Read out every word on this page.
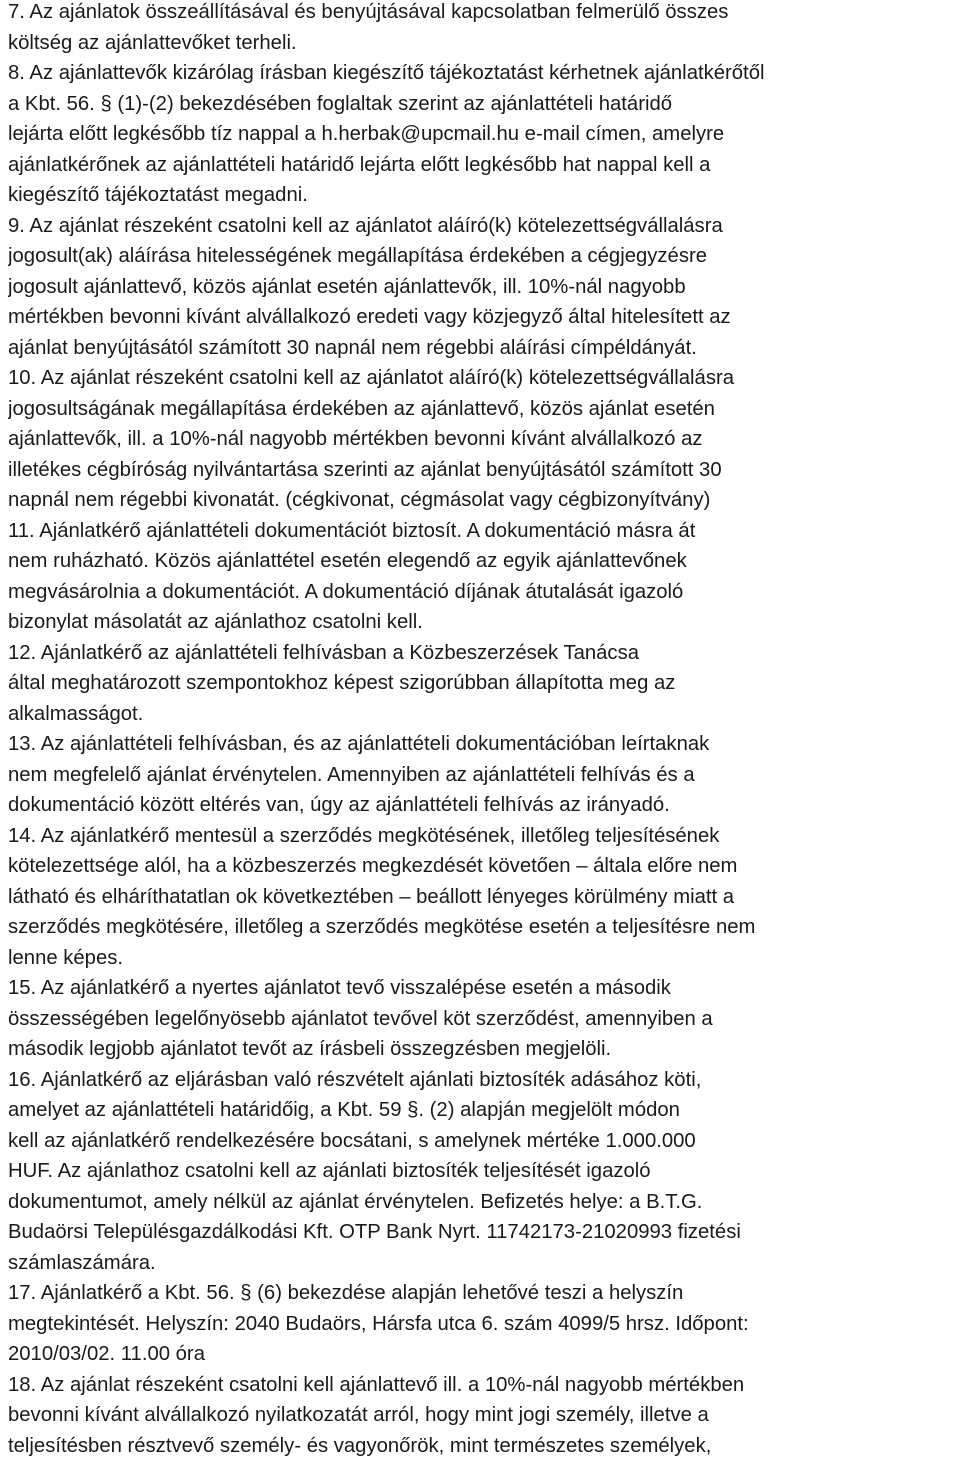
7. Az ajánlatok összeállításával és benyújtásával kapcsolatban felmerülő összes
költség az ajánlattevőket terheli.
8. Az ajánlattevők kizárólag írásban kiegészítő tájékoztatást kérhetnek ajánlatkérőtől
a Kbt. 56. § (1)-(2) bekezdésében foglaltak szerint az ajánlattételi határidő
lejárta előtt legkésőbb tíz nappal a h.herbak@upcmail.hu e-mail címen, amelyre
ajánlatkérőnek az ajánlattételi határidő lejárta előtt legkésőbb hat nappal kell a
kiegészítő tájékoztatást megadni.
9. Az ajánlat részeként csatolni kell az ajánlatot aláíró(k) kötelezettségvállalásra
jogosult(ak) aláírása hitelességének megállapítása érdekében a cégjegyzésre
jogosult ajánlattevő, közös ajánlat esetén ajánlattevők, ill. 10%-nál nagyobb
mértékben bevonni kívánt alvállalkozó eredeti vagy közjegyző által hitelesített az
ajánlat benyújtásától számított 30 napnál nem régebbi aláírási címpéldányát.
10. Az ajánlat részeként csatolni kell az ajánlatot aláíró(k) kötelezettségvállalásra
jogosultságának megállapítása érdekében az ajánlattevő, közös ajánlat esetén
ajánlattevők, ill. a 10%-nál nagyobb mértékben bevonni kívánt alvállalkozó az
illetékes cégbíróság nyilvántartása szerinti az ajánlat benyújtásától számított 30
napnál nem régebbi kivonatát. (cégkivonat, cégmásolat vagy cégbizonyítvány)
11. Ajánlatkérő ajánlattételi dokumentációt biztosít. A dokumentáció másra át
nem ruházható. Közös ajánlattétel esetén elegendő az egyik ajánlattevőnek
megvásárolnia a dokumentációt. A dokumentáció díjának átutalását igazoló
bizonylat másolatát az ajánlathoz csatolni kell.
12. Ajánlatkérő az ajánlattételi felhívásban a Közbeszerzések Tanácsa
által meghatározott szempontokhoz képest szigorúbban állapította meg az
alkalmasságot.
13. Az ajánlattételi felhívásban, és az ajánlattételi dokumentációban leírtaknak
nem megfelelő ajánlat érvénytelen. Amennyiben az ajánlattételi felhívás és a
dokumentáció között eltérés van, úgy az ajánlattételi felhívás az irányadó.
14. Az ajánlatkérő mentesül a szerződés megkötésének, illetőleg teljesítésének
kötelezettsége alól, ha a közbeszerzés megkezdését követően – általa előre nem
látható és elháríthatatlan ok következtében – beállott lényeges körülmény miatt a
szerződés megkötésére, illetőleg a szerződés megkötése esetén a teljesítésre nem
lenne képes.
15. Az ajánlatkérő a nyertes ajánlatot tevő visszalépése esetén a második
összességében legelőnyösebb ajánlatot tevővel köt szerződést, amennyiben a
második legjobb ajánlatot tevőt az írásbeli összegzésben megjelöli.
16. Ajánlatkérő az eljárásban való részvételt ajánlati biztosíték adásához köti,
amelyet az ajánlattételi határidőig, a Kbt. 59 §. (2) alapján megjelölt módon
kell az ajánlatkérő rendelkezésére bocsátani, s amelynek mértéke 1.000.000
HUF. Az ajánlathoz csatolni kell az ajánlati biztosíték teljesítését igazoló
dokumentumot, amely nélkül az ajánlat érvénytelen. Befizetés helye: a B.T.G.
Budaörsi Településgazdálkodási Kft. OTP Bank Nyrt. 11742173-21020993 fizetési
számlaszámára.
17. Ajánlatkérő a Kbt. 56. § (6) bekezdése alapján lehetővé teszi a helyszín
megtekintését. Helyszín: 2040 Budaörs, Hársfa utca 6. szám 4099/5 hrsz. Időpont:
2010/03/02. 11.00 óra
18. Az ajánlat részeként csatolni kell ajánlattevő ill. a 10%-nál nagyobb mértékben
bevonni kívánt alvállalkozó nyilatkozatát arról, hogy mint jogi személy, illetve a
teljesítésben résztvevő személy- és vagyonőrök, mint természetes személyek,
